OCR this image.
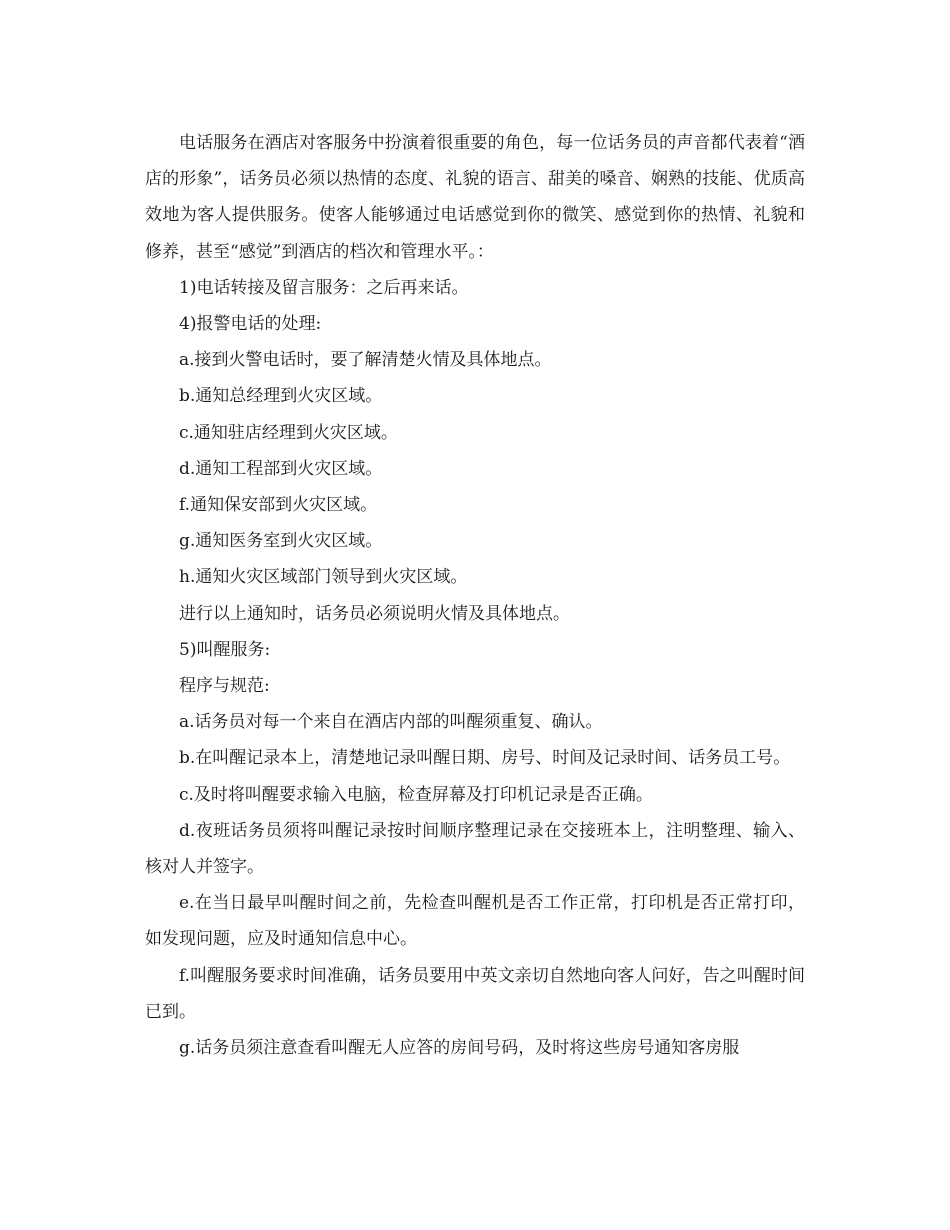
电话服务在酒店对客服务中扮演着很重要的角色，每一位话务员的声音都代表着“酒店的形象”，话务员必须以热情的态度、礼貌的语言、甜美的嗓音、娴熟的技能、优质高效地为客人提供服务。使客人能够通过电话感觉到你的微笑、感觉到你的热情、礼貌和修养，甚至“感觉”到酒店的档次和管理水平。：

1)电话转接及留言服务：之后再来话。

4)报警电话的处理:

a.接到火警电话时，要了解清楚火情及具体地点。

b.通知总经理到火灾区域。

c.通知驻店经理到火灾区域。

d.通知工程部到火灾区域。

f.通知保安部到火灾区域。

g.通知医务室到火灾区域。

h.通知火灾区域部门领导到火灾区域。

进行以上通知时，话务员必须说明火情及具体地点。

5)叫醒服务:

程序与规范:

a.话务员对每一个来自在酒店内部的叫醒须重复、确认。

b.在叫醒记录本上，清楚地记录叫醒日期、房号、时间及记录时间、话务员工号。

c.及时将叫醒要求输入电脑，检查屏幕及打印机记录是否正确。

d.夜班话务员须将叫醒记录按时间顺序整理记录在交接班本上，注明整理、输入、核对人并签字。

e.在当日最早叫醒时间之前，先检查叫醒机是否工作正常，打印机是否正常打印，如发现问题，应及时通知信息中心。

f.叫醒服务要求时间准确，话务员要用中英文亲切自然地向客人问好，告之叫醒时间已到。

g.话务员须注意查看叫醒无人应答的房间号码，及时将这些房号通知客房服
